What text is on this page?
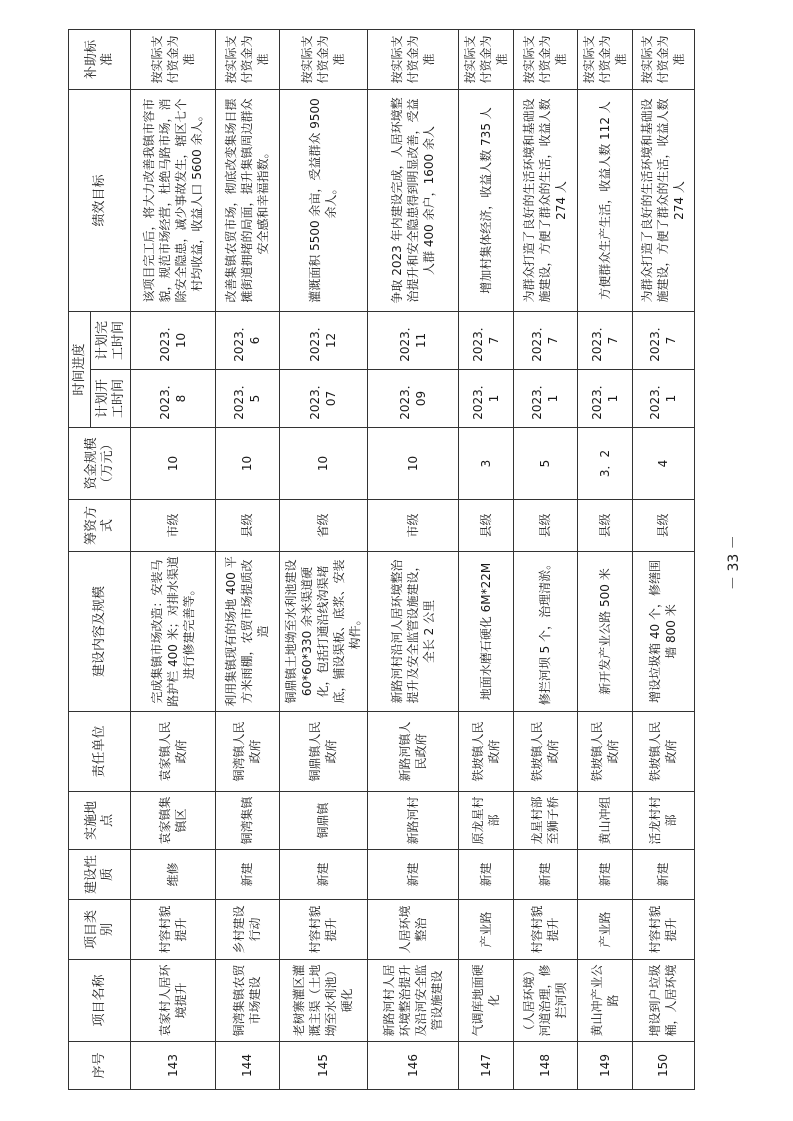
序号	项目名称	项目类别	建设性质	实施地点	责任单位	建设内容及规模	筹资方式	资金规模（万元）	时间进度		绩效目标	补助标准
									计划开工时间	计划完工时间		
143	袁家村人居环境提升	村容村貌提升	维修	袁家镇集镇区	袁家镇人民政府	完成集镇市场改造：安装马路护栏 400 米；对排水渠道进行修建完善等。	市级	10	2023．8	2023．10	该项目完工后，将大力改善我镇市容市貌，规范市场经营，杜绝马路市场，消除安全隐患，减少事故发生，辖区七个村均收益，收益人口 5600 余人。	按实际支付资金为准
144	铜湾集镇农贸市场建设	乡村建设行动	新建	铜湾集镇	铜湾镇人民政府	利用集镇现有的场地 400 平方米雨棚，农贸市场提质改造	县级	10	2023．5	2023．6	改善集镇农贸市场，彻底改变集场日摆摊街道拥堵的局面，提升集镇周边群众安全感和幸福指数。	按实际支付资金为准
145	老树寨灌区灌溉主渠（土地坳至水利池）硬化	村容村貌提升	新建	铜鼎镇	铜鼎镇人民政府	铜鼎镇土地坳至水利池建设 60*60*330 余米渠道硬化，包括打通沿线沟渠堵底，铺设渠板、底浆、安装构件。	省级	10	2023．07	2023．12	灌溉面积 5500 余亩，受益群众 9500 余人。	按实际支付资金为准
146	新路河村人居环境整治提升及沿河安全监管设施建设	人居环境整治	新建	新路河村	新路河镇人民政府	新路河村沿河人居环境整治提升及安全监管设施建设，全长 2 公里	市级	10	2023．09	2023．11	争取 2023 年内建设完成，人居环境整治提升和安全隐患得到明显改善，受益人群 400 余户，1600 余人	按实际支付资金为准
147	气调库地面硬化	产业路	新建	原龙星村部	铁坡镇人民政府	地面水磨石硬化 6M*22M	县级	3	2023．1	2023．7	增加村集体经济，收益人数 735 人	按实际支付资金为准
148	（人居环境）河道治理，修拦河坝	村容村貌提升	新建	龙星村部至狮子桥	铁坡镇人民政府	修拦河坝 5 个，治理清淤。	县级	5	2023．1	2023．7	为群众打造了良好的生活环境和基础设施建设，方便了群众的生活，收益人数 274 人	按实际支付资金为准
149	黄山冲产业公路	产业路	新建	黄山冲组	铁坡镇人民政府	新开发产业公路 500 米	县级	3．2	2023．1	2023．7	方便群众生产生活，收益人数 112 人	按实际支付资金为准
150	增设到户垃圾桶，人居环境	村容村貌提升	新建	活龙村村部	铁坡镇人民政府	增设垃圾箱 40 个，修缮围墙 800 米	县级	4	2023．1	2023．7	为群众打造了良好的生活环境和基础设施建设，方便了群众的生活，收益人数 274 人	按实际支付资金为准
－ 33 －
